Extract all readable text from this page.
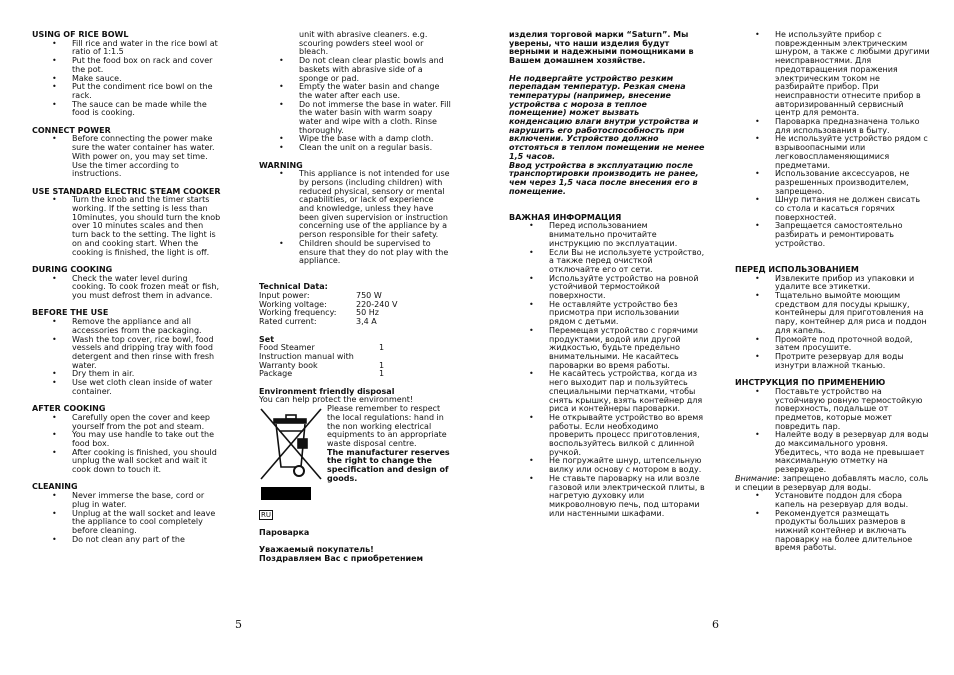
USING OF RICE BOWL
• Fill rice and water in the rice bowl at ratio of 1:1.5
• Put the food box on rack and cover the pot.
• Make sauce.
• Put the condiment rice bowl on the rack.
• The sauce can be made while the food is cooking.
CONNECT POWER
• Before connecting the power make sure the water container has water. With power on, you may set time. Use the timer according to instructions.
USE STANDARD ELECTRIC STEAM COOKER
• Turn the knob and the timer starts working. If the setting is less than 10minutes, you should turn the knob over 10 minutes scales and then turn back to the setting. The light is on and cooking start. When the cooking is finished, the light is off.
DURING COOKING
• Check the water level during cooking. To cook frozen meat or fish, you must defrost them in advance.
BEFORE THE USE
• Remove the appliance and all accessories from the packaging.
• Wash the top cover, rice bowl, food vessels and dripping tray with food detergent and then rinse with fresh water.
• Dry them in air.
• Use wet cloth clean inside of water container.
AFTER COOKING
• Carefully open the cover and keep yourself from the pot and steam.
• You may use handle to take out the food box.
• After cooking is finished, you should unplug the wall socket and wait it cook down to touch it.
CLEANING
• Never immerse the base, cord or plug in water.
• Unplug at the wall socket and leave the appliance to cool completely before cleaning.
• Do not clean any part of the

unit with abrasive cleaners. e.g. scouring powders steel wool or bleach.

• Do not clean clear plastic bowls and baskets with abrasive side of a sponge or pad.
• Empty the water basin and change the water after each use.
• Do not immerse the base in water. Fill the water basin with warm soapy water and wipe with a cloth. Rinse thoroughly.
• Wipe the base with a damp cloth.
• Clean the unit on a regular basis.
WARNING
• This appliance is not intended for use by persons (including children) with reduced physical, sensory or mental capabilities, or lack of experience and knowledge, unless they have been given supervision or instruction concerning use of the appliance by a person responsible for their safety.
• Children should be supervised to ensure that they do not play with the appliance.
Technical Data:
Input power:	750 W
Working voltage:	220-240 V
Working frequency:	50 Hz
Rated current:	3,4 A
Set
Food Steamer	1
Instruction manual with	
Warranty book	1
Package	1
Environment friendly disposal

You can help protect the environment!

Please remember to respect the local regulations: hand in the non working electrical equipments to an appropriate waste disposal centre.

The manufacturer reserves the right to change the specification and design of goods.

RU
Пароварка
Уважаемый покупатель!

Поздравляем Вас с приобретением

изделия торговой марки “Saturn”. Мы уверены, что наши изделия будут верными и надежными помощниками в Вашем домашнем хозяйстве.

Не подвергайте устройство резким перепадам температур. Резкая смена температуры (например, внесение устройства с мороза в теплое помещение) может вызвать конденсацию влаги внутри устройства и нарушить его работоспособность при включении. Устройство должно отстояться в теплом помещении не менее 1,5 часов.

Ввод устройства в эксплуатацию после транспортировки производить не ранее, чем через 1,5 часа после внесения его в помещение.

ВАЖНАЯ ИНФОРМАЦИЯ
• Перед использованием внимательно прочитайте инструкцию по эксплуатации.
• Если Вы не используете устройство, а также перед очисткой отключайте его от сети.
• Используйте устройство на ровной устойчивой термостойкой поверхности.
• Не оставляйте устройство без присмотра при использовании рядом с детьми.
• Перемещая устройство с горячими продуктами, водой или другой жидкостью, будьте предельно внимательными. Не касайтесь пароварки во время работы.
• Не касайтесь устройства, когда из него выходит пар и пользуйтесь специальными перчатками, чтобы снять крышку, взять контейнер для риса и контейнеры пароварки.
• Не открывайте устройство во время работы. Если необходимо проверить процесс приготовления, воспользуйтесь вилкой с длинной ручкой.
• Не погружайте шнур, штепсельную вилку или основу с мотором в воду.
• Не ставьте пароварку на или возле газовой или электрической плиты, в нагретую духовку или микроволновую печь, под шторами или настенными шкафами.
• Не используйте прибор с поврежденным электрическим шнуром, а также с любыми другими неисправностями. Для предотвращения поражения электрическим током не разбирайте прибор. При неисправности отнесите прибор в авторизированный сервисный центр для ремонта.
• Пароварка предназначена только для использования в быту.
• Не используйте устройство рядом с взрывоопасными или легковоспламеняющимися предметами.
• Использование аксессуаров, не разрешенных производителем, запрещено.
• Шнур питания не должен свисать со стола и касаться горячих поверхностей.
• Запрещается самостоятельно разбирать и ремонтировать устройство.
ПЕРЕД ИСПОЛЬЗОВАНИЕМ
• Извлеките прибор из упаковки и удалите все этикетки.
• Тщательно вымойте моющим средством для посуды крышку, контейнеры для приготовления на пару, контейнер для риса и поддон для капель.
• Промойте под проточной водой, затем просушите.
• Протрите резервуар для воды изнутри влажной тканью.
ИНСТРУКЦИЯ ПО ПРИМЕНЕНИЮ
• Поставьте устройство на устойчивую ровную термостойкую поверхность, подальше от предметов, которые может повредить пар.
• Налейте воду в резервуар для воды до максимального уровня. Убедитесь, что вода не превышает максимальную отметку на резервуаре.

Внимание: запрещено добавлять масло, соль и специи в резервуар для воды.

• Установите поддон для сбора капель на резервуар для воды.
• Рекомендуется размещать продукты больших размеров в нижний контейнер и включать пароварку на более длительное время работы.
5	6
